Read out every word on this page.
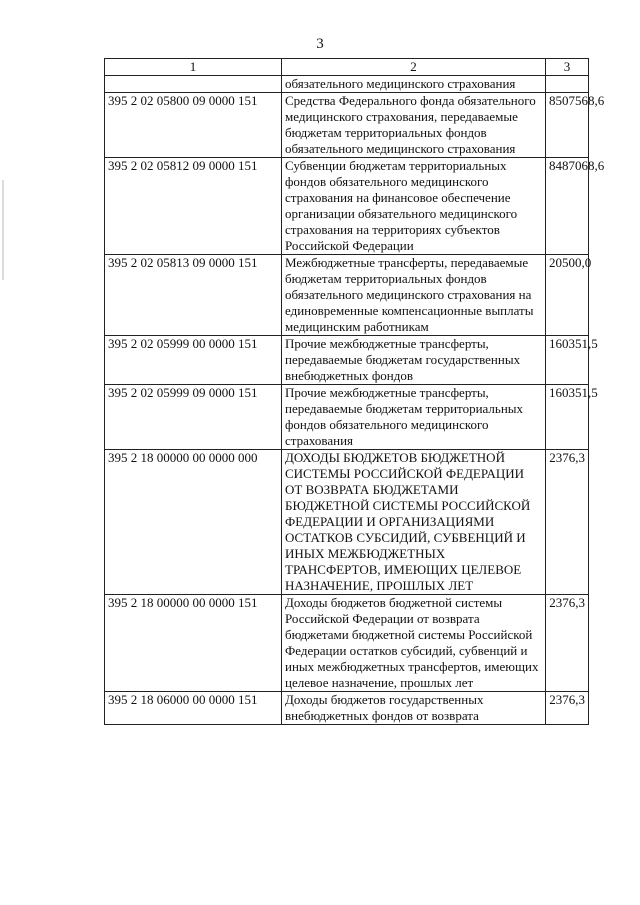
3
1	2	3
	обязательного медицинского страхования	
395 2 02 05800 09 0000 151	Средства Федерального фонда обязательного медицинского страхования, передаваемые бюджетам территориальных фондов обязательного медицинского страхования	8507568,6
395 2 02 05812 09 0000 151	Субвенции бюджетам территориальных фондов обязательного медицинского страхования на финансовое обеспечение организации обязательного медицинского страхования на территориях субъектов Российской Федерации	8487068,6
395 2 02 05813 09 0000 151	Межбюджетные трансферты, передаваемые бюджетам территориальных фондов обязательного медицинского страхования на единовременные компенсационные выплаты медицинским работникам	20500,0
395 2 02 05999 00 0000 151	Прочие межбюджетные трансферты, передаваемые бюджетам государственных внебюджетных фондов	160351,5
395 2 02 05999 09 0000 151	Прочие межбюджетные трансферты, передаваемые бюджетам территориальных фондов обязательного медицинского страхования	160351,5
395 2 18 00000 00 0000 000	ДОХОДЫ БЮДЖЕТОВ БЮДЖЕТНОЙ СИСТЕМЫ РОССИЙСКОЙ ФЕДЕРАЦИИ ОТ ВОЗВРАТА БЮДЖЕТАМИ БЮДЖЕТНОЙ СИСТЕМЫ РОССИЙСКОЙ ФЕДЕРАЦИИ И ОРГАНИЗАЦИЯМИ ОСТАТКОВ СУБСИДИЙ, СУБВЕНЦИЙ И ИНЫХ МЕЖБЮДЖЕТНЫХ ТРАНСФЕРТОВ, ИМЕЮЩИХ ЦЕЛЕВОЕ НАЗНАЧЕНИЕ, ПРОШЛЫХ ЛЕТ	2376,3
395 2 18 00000 00 0000 151	Доходы бюджетов бюджетной системы Российской Федерации от возврата бюджетами бюджетной системы Российской Федерации остатков субсидий, субвенций и иных межбюджетных трансфертов, имеющих целевое назначение, прошлых лет	2376,3
395 2 18 06000 00 0000 151	Доходы бюджетов государственных внебюджетных фондов от возврата	2376,3
